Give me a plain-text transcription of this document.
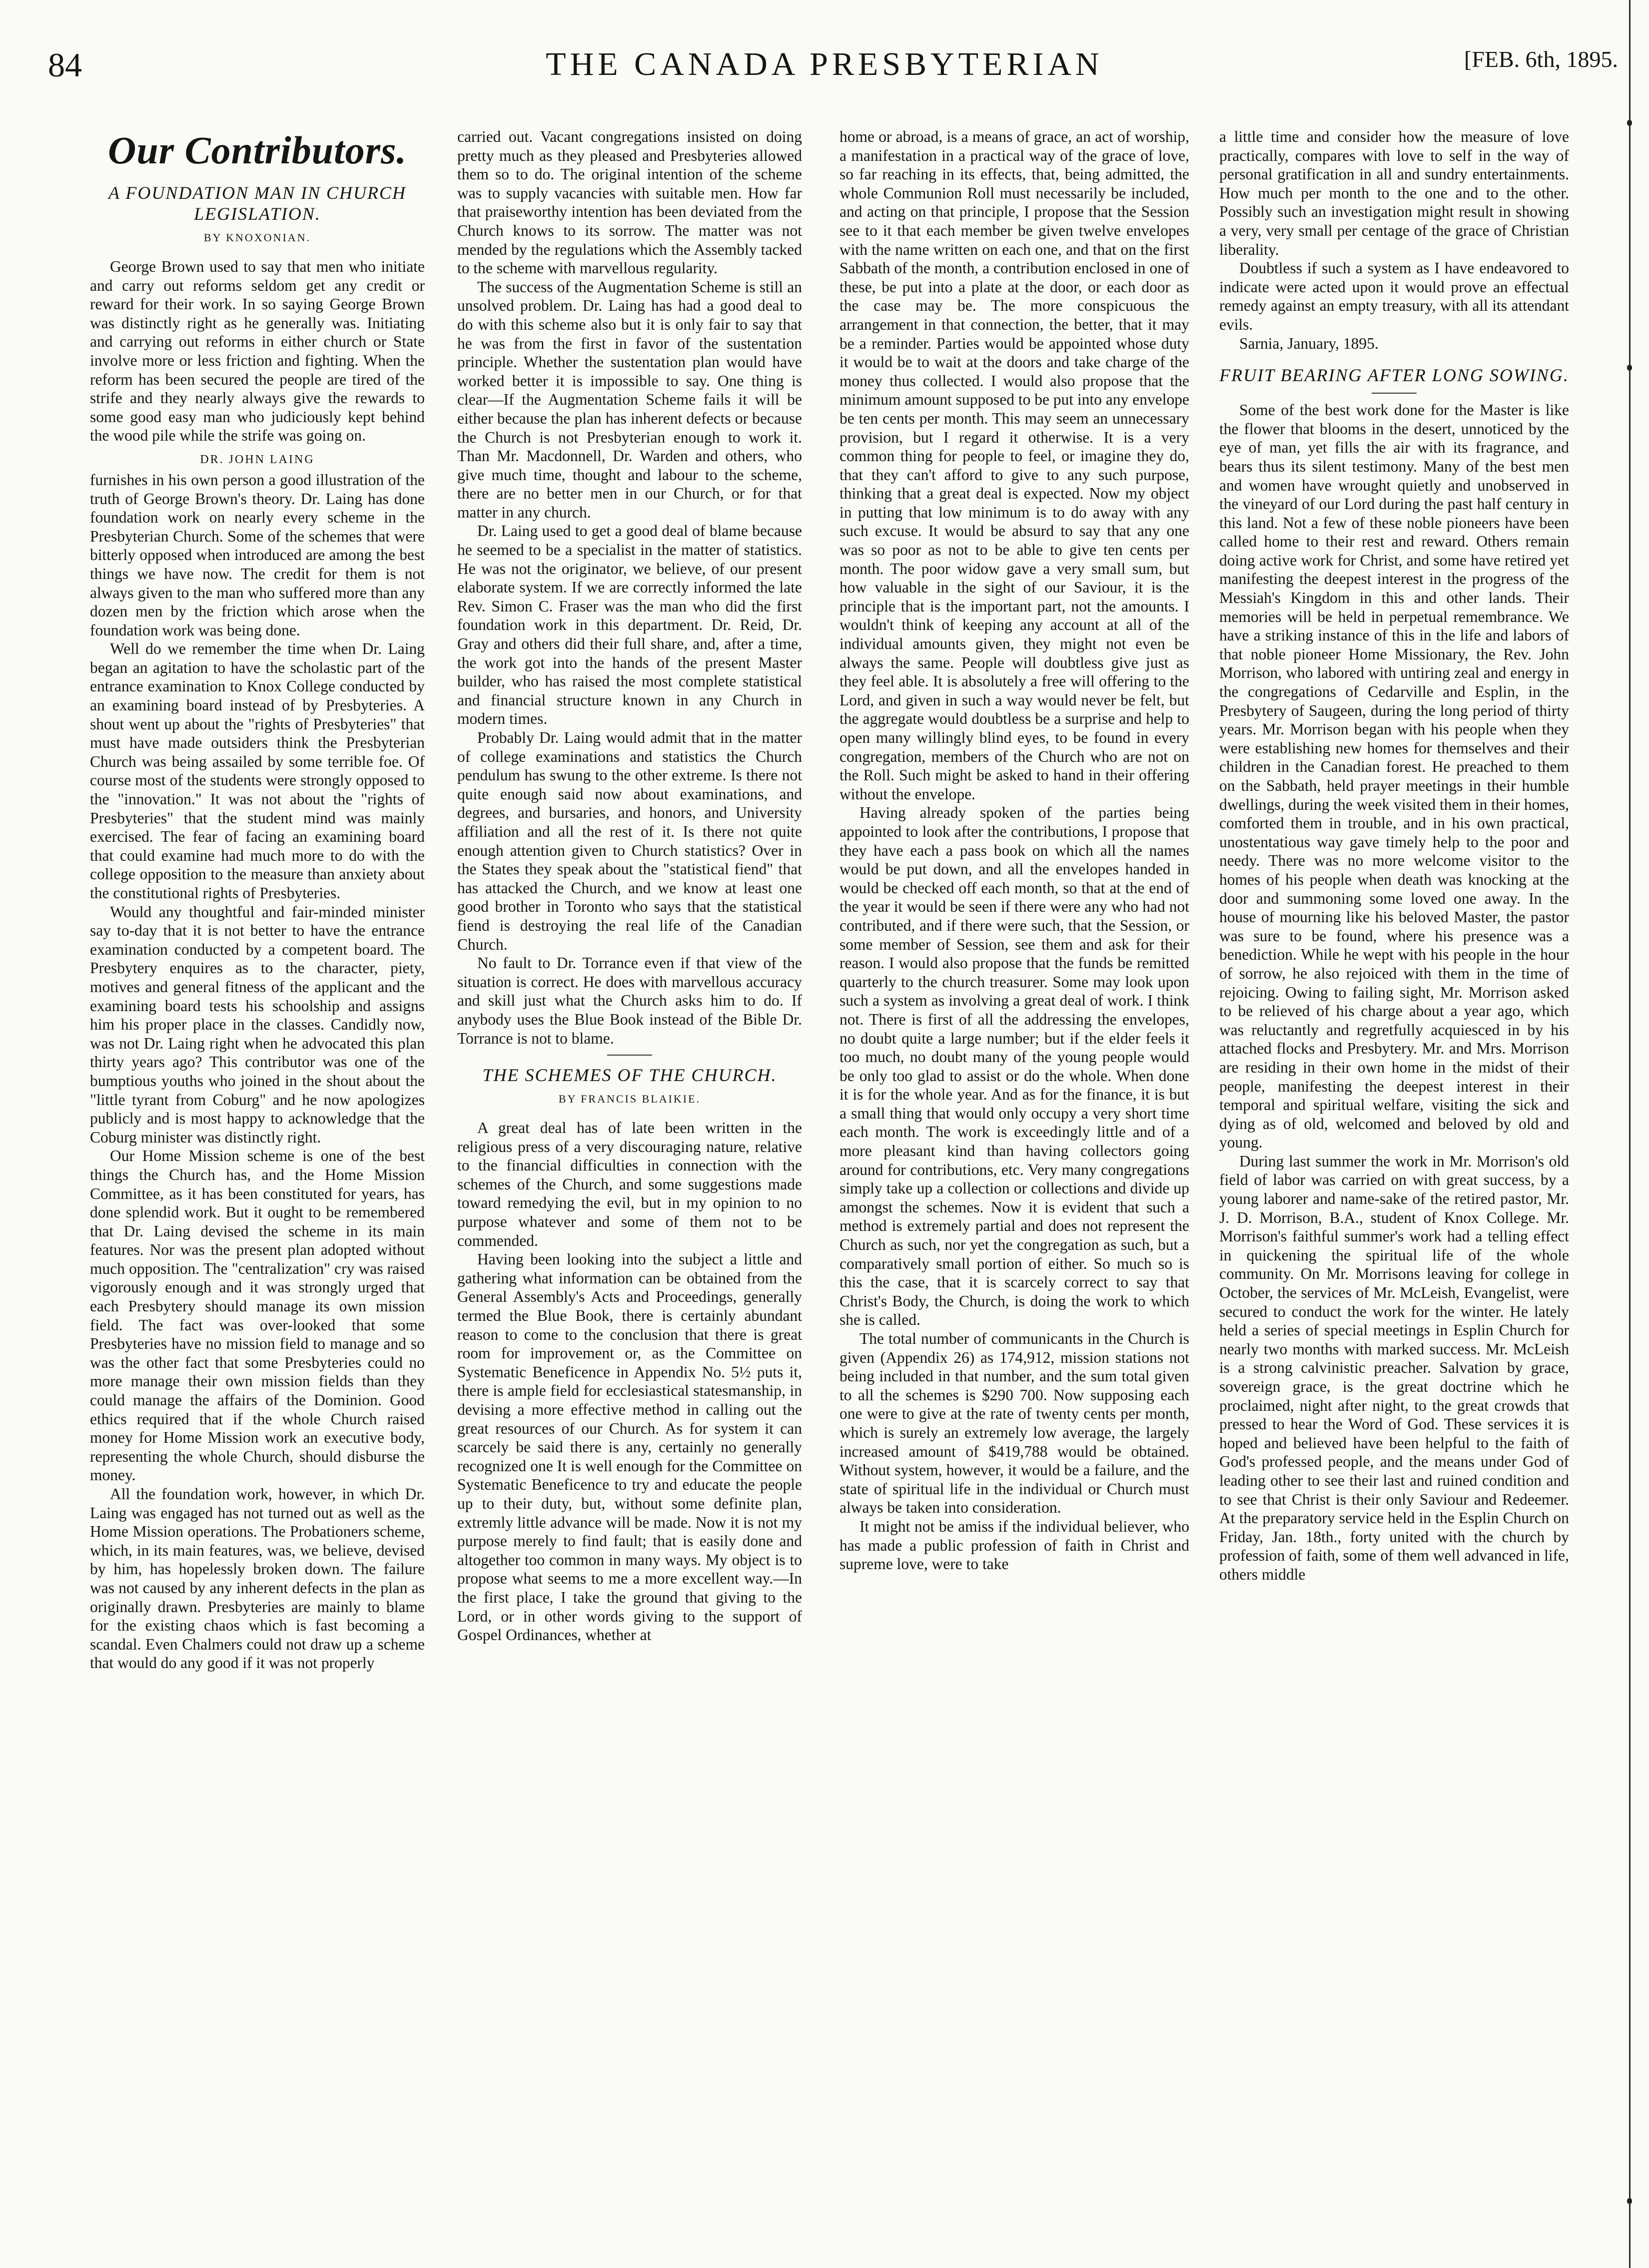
84	THE CANADA PRESBYTERIAN	[FEB. 6th, 1895.
Our Contributors.
A FOUNDATION MAN IN CHURCH LEGISLATION.
BY KNOXONIAN.

George Brown used to say that men who initiate and carry out reforms seldom get any credit or reward for their work. In so saying George Brown was distinctly right as he generally was. Initiating and carrying out reforms in either church or State involve more or less friction and fighting. When the reform has been secured the people are tired of the strife and they nearly always give the rewards to some good easy man who judiciously kept behind the wood pile while the strife was going on.

DR. JOHN LAING

furnishes in his own person a good illustration of the truth of George Brown's theory. Dr. Laing has done foundation work on nearly every scheme in the Presbyterian Church. Some of the schemes that were bitterly opposed when introduced are among the best things we have now. The credit for them is not always given to the man who suffered more than any dozen men by the friction which arose when the foundation work was being done.

Well do we remember the time when Dr. Laing began an agitation to have the scholastic part of the entrance examination to Knox College conducted by an examining board instead of by Presbyteries. A shout went up about the "rights of Presbyteries" that must have made outsiders think the Presbyterian Church was being assailed by some terrible foe. Of course most of the students were strongly opposed to the "innovation." It was not about the "rights of Presbyteries" that the student mind was mainly exercised. The fear of facing an examining board that could examine had much more to do with the college opposition to the measure than anxiety about the constitutional rights of Presbyteries.

Would any thoughtful and fair-minded minister say to-day that it is not better to have the entrance examination conducted by a competent board. The Presbytery enquires as to the character, piety, motives and general fitness of the applicant and the examining board tests his schoolship and assigns him his proper place in the classes. Candidly now, was not Dr. Laing right when he advocated this plan thirty years ago? This contributor was one of the bumptious youths who joined in the shout about the "little tyrant from Coburg" and he now apologizes publicly and is most happy to acknowledge that the Coburg minister was distinctly right.

Our Home Mission scheme is one of the best things the Church has, and the Home Mission Committee, as it has been constituted for years, has done splendid work. But it ought to be remembered that Dr. Laing devised the scheme in its main features. Nor was the present plan adopted without much opposition. The "centralization" cry was raised vigorously enough and it was strongly urged that each Presbytery should manage its own mission field. The fact was over-looked that some Presbyteries have no mission field to manage and so was the other fact that some Presbyteries could no more manage their own mission fields than they could manage the affairs of the Dominion. Good ethics required that if the whole Church raised money for Home Mission work an executive body, representing the whole Church, should disburse the money.

All the foundation work, however, in which Dr. Laing was engaged has not turned out as well as the Home Mission operations. The Probationers scheme, which, in its main features, was, we believe, devised by him, has hopelessly broken down. The failure was not caused by any inherent defects in the plan as originally drawn. Presbyteries are mainly to blame for the existing chaos which is fast becoming a scandal. Even Chalmers could not draw up a scheme that would do any good if it was not properly

carried out. Vacant congregations insisted on doing pretty much as they pleased and Presbyteries allowed them so to do. The original intention of the scheme was to supply vacancies with suitable men. How far that praiseworthy intention has been deviated from the Church knows to its sorrow. The matter was not mended by the regulations which the Assembly tacked to the scheme with marvellous regularity.

The success of the Augmentation Scheme is still an unsolved problem. Dr. Laing has had a good deal to do with this scheme also but it is only fair to say that he was from the first in favor of the sustentation principle. Whether the sustentation plan would have worked better it is impossible to say. One thing is clear—If the Augmentation Scheme fails it will be either because the plan has inherent defects or because the Church is not Presbyterian enough to work it. Than Mr. Macdonnell, Dr. Warden and others, who give much time, thought and labour to the scheme, there are no better men in our Church, or for that matter in any church.

Dr. Laing used to get a good deal of blame because he seemed to be a specialist in the matter of statistics. He was not the originator, we believe, of our present elaborate system. If we are correctly informed the late Rev. Simon C. Fraser was the man who did the first foundation work in this department. Dr. Reid, Dr. Gray and others did their full share, and, after a time, the work got into the hands of the present Master builder, who has raised the most complete statistical and financial structure known in any Church in modern times.

Probably Dr. Laing would admit that in the matter of college examinations and statistics the Church pendulum has swung to the other extreme. Is there not quite enough said now about examinations, and degrees, and bursaries, and honors, and University affiliation and all the rest of it. Is there not quite enough attention given to Church statistics? Over in the States they speak about the "statistical fiend" that has attacked the Church, and we know at least one good brother in Toronto who says that the statistical fiend is destroying the real life of the Canadian Church.

No fault to Dr. Torrance even if that view of the situation is correct. He does with marvellous accuracy and skill just what the Church asks him to do. If anybody uses the Blue Book instead of the Bible Dr. Torrance is not to blame.

THE SCHEMES OF THE CHURCH.
BY FRANCIS BLAIKIE.

A great deal has of late been written in the religious press of a very discouraging nature, relative to the financial difficulties in connection with the schemes of the Church, and some suggestions made toward remedying the evil, but in my opinion to no purpose whatever and some of them not to be commended.

Having been looking into the subject a little and gathering what information can be obtained from the General Assembly's Acts and Proceedings, generally termed the Blue Book, there is certainly abundant reason to come to the conclusion that there is great room for improvement or, as the Committee on Systematic Beneficence in Appendix No. 5½ puts it, there is ample field for ecclesiastical statesmanship, in devising a more effective method in calling out the great resources of our Church. As for system it can scarcely be said there is any, certainly no generally recognized one It is well enough for the Committee on Systematic Beneficence to try and educate the people up to their duty, but, without some definite plan, extremly little advance will be made. Now it is not my purpose merely to find fault; that is easily done and altogether too common in many ways. My object is to propose what seems to me a more excellent way.—In the first place, I take the ground that giving to the Lord, or in other words giving to the support of Gospel Ordinances, whether at

home or abroad, is a means of grace, an act of worship, a manifestation in a practical way of the grace of love, so far reaching in its effects, that, being admitted, the whole Communion Roll must necessarily be included, and acting on that principle, I propose that the Session see to it that each member be given twelve envelopes with the name written on each one, and that on the first Sabbath of the month, a contribution enclosed in one of these, be put into a plate at the door, or each door as the case may be. The more conspicuous the arrangement in that connection, the better, that it may be a reminder. Parties would be appointed whose duty it would be to wait at the doors and take charge of the money thus collected. I would also propose that the minimum amount supposed to be put into any envelope be ten cents per month. This may seem an unnecessary provision, but I regard it otherwise. It is a very common thing for people to feel, or imagine they do, that they can't afford to give to any such purpose, thinking that a great deal is expected. Now my object in putting that low minimum is to do away with any such excuse. It would be absurd to say that any one was so poor as not to be able to give ten cents per month. The poor widow gave a very small sum, but how valuable in the sight of our Saviour, it is the principle that is the important part, not the amounts. I wouldn't think of keeping any account at all of the individual amounts given, they might not even be always the same. People will doubtless give just as they feel able. It is absolutely a free will offering to the Lord, and given in such a way would never be felt, but the aggregate would doubtless be a surprise and help to open many willingly blind eyes, to be found in every congregation, members of the Church who are not on the Roll. Such might be asked to hand in their offering without the envelope.

Having already spoken of the parties being appointed to look after the contributions, I propose that they have each a pass book on which all the names would be put down, and all the envelopes handed in would be checked off each month, so that at the end of the year it would be seen if there were any who had not contributed, and if there were such, that the Session, or some member of Session, see them and ask for their reason. I would also propose that the funds be remitted quarterly to the church treasurer. Some may look upon such a system as involving a great deal of work. I think not. There is first of all the addressing the envelopes, no doubt quite a large number; but if the elder feels it too much, no doubt many of the young people would be only too glad to assist or do the whole. When done it is for the whole year. And as for the finance, it is but a small thing that would only occupy a very short time each month. The work is exceedingly little and of a more pleasant kind than having collectors going around for contributions, etc. Very many congregations simply take up a collection or collections and divide up amongst the schemes. Now it is evident that such a method is extremely partial and does not represent the Church as such, nor yet the congregation as such, but a comparatively small portion of either. So much so is this the case, that it is scarcely correct to say that Christ's Body, the Church, is doing the work to which she is called.

The total number of communicants in the Church is given (Appendix 26) as 174,912, mission stations not being included in that number, and the sum total given to all the schemes is $290 700. Now supposing each one were to give at the rate of twenty cents per month, which is surely an extremely low average, the largely increased amount of $419,788 would be obtained. Without system, however, it would be a failure, and the state of spiritual life in the individual or Church must always be taken into consideration.

It might not be amiss if the individual believer, who has made a public profession of faith in Christ and supreme love, were to take

a little time and consider how the measure of love practically, compares with love to self in the way of personal gratification in all and sundry entertainments. How much per month to the one and to the other. Possibly such an investigation might result in showing a very, very small per centage of the grace of Christian liberality.

Doubtless if such a system as I have endeavored to indicate were acted upon it would prove an effectual remedy against an empty treasury, with all its attendant evils.

Sarnia, January, 1895.
FRUIT BEARING AFTER LONG SOWING.

Some of the best work done for the Master is like the flower that blooms in the desert, unnoticed by the eye of man, yet fills the air with its fragrance, and bears thus its silent testimony. Many of the best men and women have wrought quietly and unobserved in the vineyard of our Lord during the past half century in this land. Not a few of these noble pioneers have been called home to their rest and reward. Others remain doing active work for Christ, and some have retired yet manifesting the deepest interest in the progress of the Messiah's Kingdom in this and other lands. Their memories will be held in perpetual remembrance. We have a striking instance of this in the life and labors of that noble pioneer Home Missionary, the Rev. John Morrison, who labored with untiring zeal and energy in the congregations of Cedarville and Esplin, in the Presbytery of Saugeen, during the long period of thirty years. Mr. Morrison began with his people when they were establishing new homes for themselves and their children in the Canadian forest. He preached to them on the Sabbath, held prayer meetings in their humble dwellings, during the week visited them in their homes, comforted them in trouble, and in his own practical, unostentatious way gave timely help to the poor and needy. There was no more welcome visitor to the homes of his people when death was knocking at the door and summoning some loved one away. In the house of mourning like his beloved Master, the pastor was sure to be found, where his presence was a benediction. While he wept with his people in the hour of sorrow, he also rejoiced with them in the time of rejoicing. Owing to failing sight, Mr. Morrison asked to be relieved of his charge about a year ago, which was reluctantly and regretfully acquiesced in by his attached flocks and Presbytery. Mr. and Mrs. Morrison are residing in their own home in the midst of their people, manifesting the deepest interest in their temporal and spiritual welfare, visiting the sick and dying as of old, welcomed and beloved by old and young.

During last summer the work in Mr. Morrison's old field of labor was carried on with great success, by a young laborer and name-sake of the retired pastor, Mr. J. D. Morrison, B.A., student of Knox College. Mr. Morrison's faithful summer's work had a telling effect in quickening the spiritual life of the whole community. On Mr. Morrisons leaving for college in October, the services of Mr. McLeish, Evangelist, were secured to conduct the work for the winter. He lately held a series of special meetings in Esplin Church for nearly two months with marked success. Mr. McLeish is a strong calvinistic preacher. Salvation by grace, sovereign grace, is the great doctrine which he proclaimed, night after night, to the great crowds that pressed to hear the Word of God. These services it is hoped and believed have been helpful to the faith of God's professed people, and the means under God of leading other to see their last and ruined condition and to see that Christ is their only Saviour and Redeemer. At the preparatory service held in the Esplin Church on Friday, Jan. 18th., forty united with the church by profession of faith, some of them well advanced in life, others middle
